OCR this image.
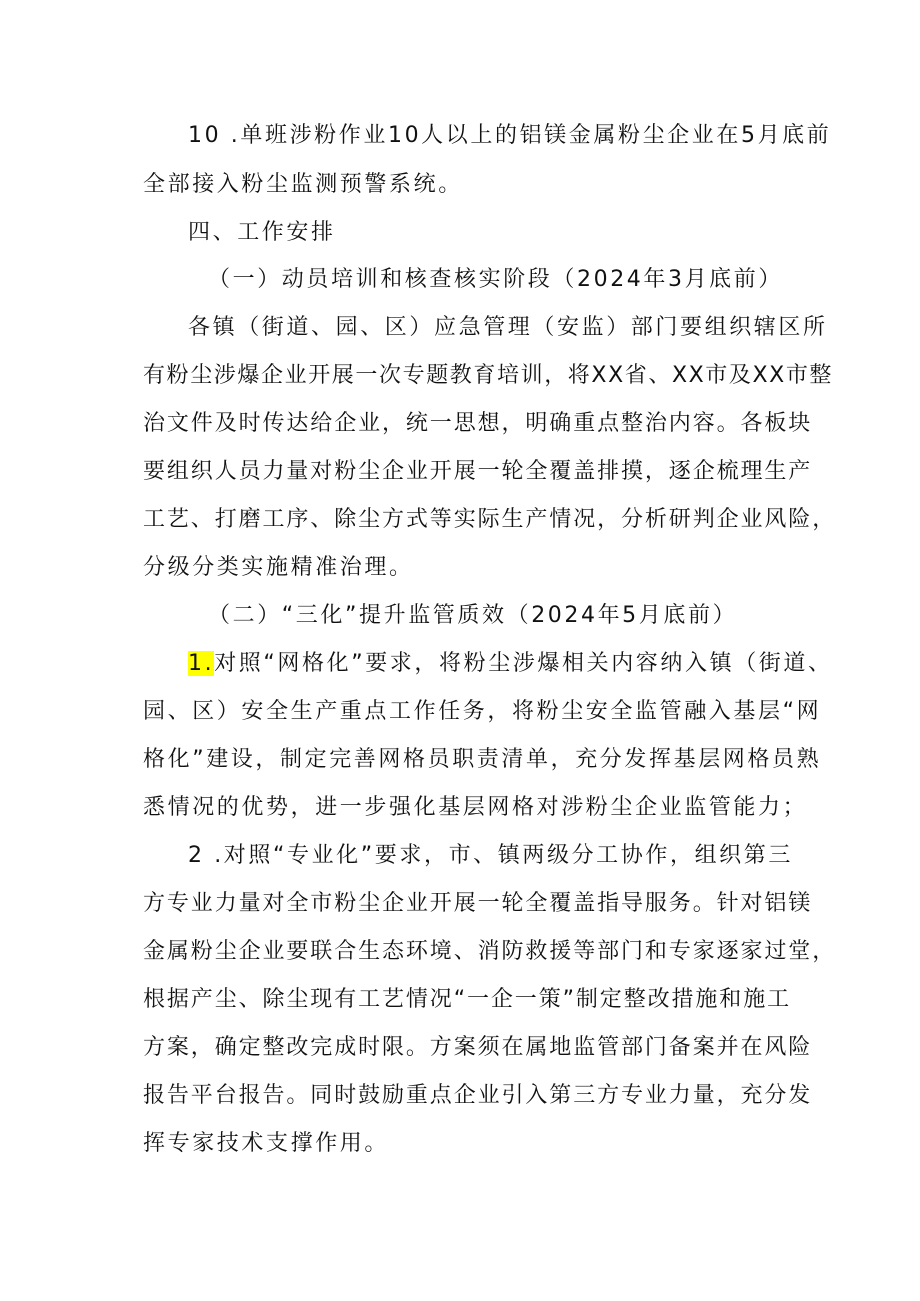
10 .单班涉粉作业10人以上的铝镁金属粉尘企业在5月底前
全部接入粉尘监测预警系统。
四、工作安排
（一）动员培训和核查核实阶段（2024年3月底前）
各镇（街道、园、区）应急管理（安监）部门要组织辖区所
有粉尘涉爆企业开展一次专题教育培训，将XX省、XX市及XX市整
治文件及时传达给企业，统一思想，明确重点整治内容。各板块
要组织人员力量对粉尘企业开展一轮全覆盖排摸，逐企梳理生产
工艺、打磨工序、除尘方式等实际生产情况，分析研判企业风险，
分级分类实施精准治理。
（二）“三化”提升监管质效（2024年5月底前）
1.对照“网格化”要求，将粉尘涉爆相关内容纳入镇（街道、
园、区）安全生产重点工作任务，将粉尘安全监管融入基层“网
格化”建设，制定完善网格员职责清单，充分发挥基层网格员熟
悉情况的优势，进一步强化基层网格对涉粉尘企业监管能力；
2 .对照“专业化”要求，市、镇两级分工协作，组织第三
方专业力量对全市粉尘企业开展一轮全覆盖指导服务。针对铝镁
金属粉尘企业要联合生态环境、消防救援等部门和专家逐家过堂，
根据产尘、除尘现有工艺情况“一企一策”制定整改措施和施工
方案，确定整改完成时限。方案须在属地监管部门备案并在风险
报告平台报告。同时鼓励重点企业引入第三方专业力量，充分发
挥专家技术支撑作用。
